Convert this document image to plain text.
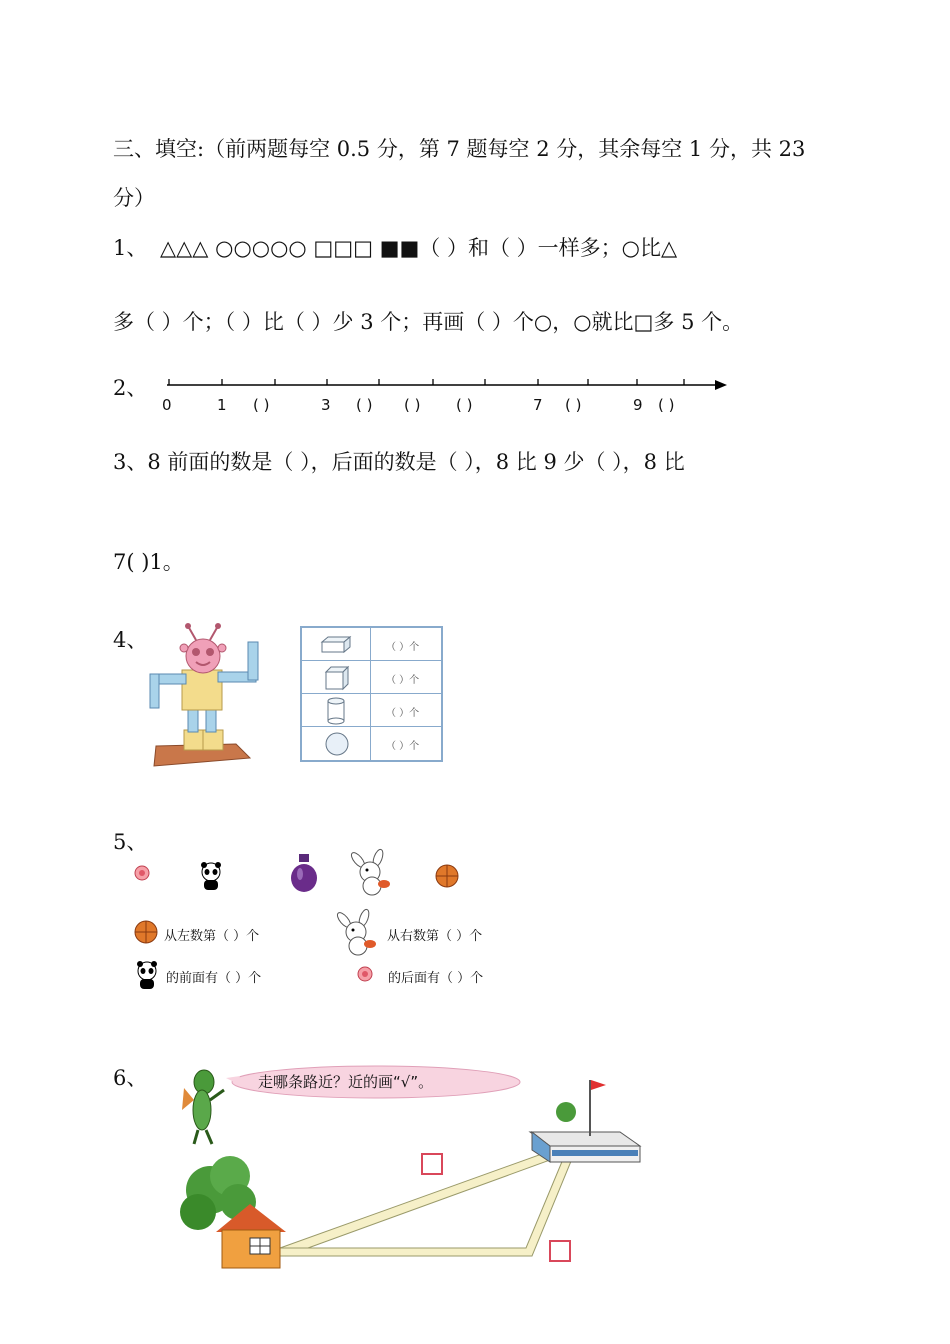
三、填空:（前两题每空 0.5 分，第 7 题每空 2 分，其余每空 1 分，共 23
分）
1、 △△△ ○○○○○ □□□ ■■（ ）和（ ）一样多；○比△
多（ ）个；（ ）比（ ）少 3 个；再画（ ）个○，○就比□多 5 个。
2、
0	1 ( )	3 ( ) ( ) ( )	7 ( )	9 ( )
3、8 前面的数是（ ），后面的数是（ ），8 比 9 少（ ），8 比
7( )1。
4、	（ ）个
（ ）个
（ ）个
（ ）个
5、
从左数第（ ）个	从右数第（ ）个
的前面有（ ）个	的后面有（ ）个
6、	走哪条路近？近的画“√”。
